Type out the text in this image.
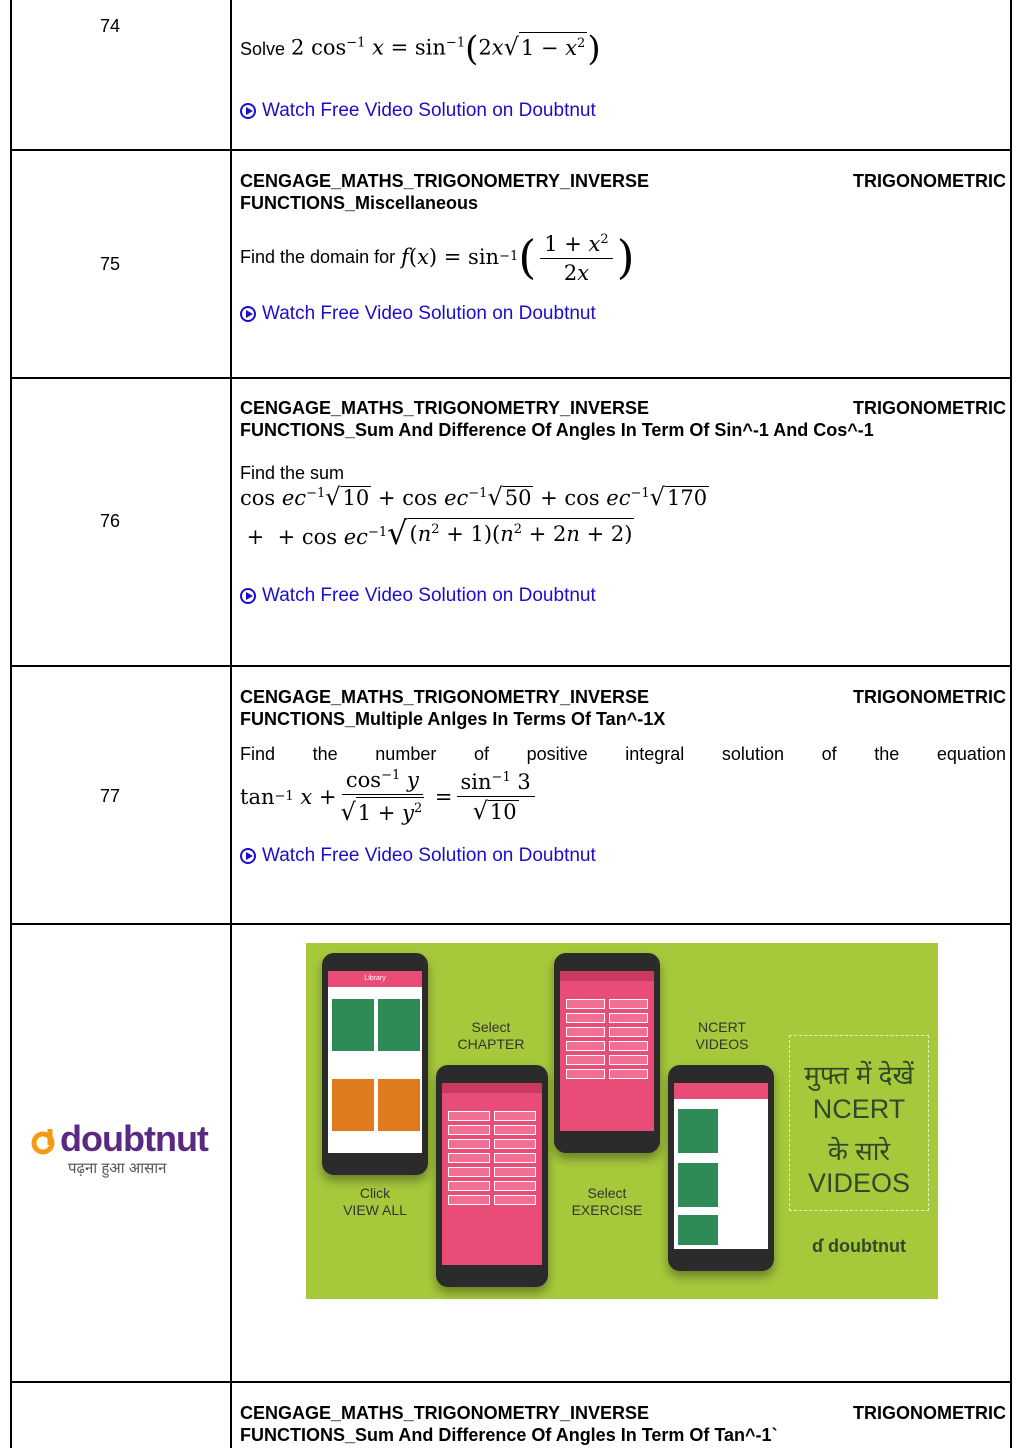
74
Solve 2 $\cos^{-1} x = \sin^{-1}(2x$ √ $1 - x^2$ )
Watch Free Video Solution on Doubtnut
75
CENGAGE_MATHS_TRIGONOMETRY_INVERSE	TRIGONOMETRIC
FUNCTIONS_Miscellaneous
Find the domain for f ( x ) = sin −1 ( $\frac{1 + x^2}{2x}$ )
Watch Free Video Solution on Doubtnut
76
CENGAGE_MATHS_TRIGONOMETRY_INVERSE	TRIGONOMETRIC
FUNCTIONS_Sum And Difference Of Angles In Term Of Sin^-1 And Cos^-1
Find the sum
$\cos ec^{-1}$ √ $10 + \cos ec^{-1}$ √ $50 + \cos ec^{-1}$ √ 170
+  + $\cos ec^{-1}$ √ $(n^2 + 1)(n^2 + 2n + 2)$
Watch Free Video Solution on Doubtnut
77
CENGAGE_MATHS_TRIGONOMETRY_INVERSE	TRIGONOMETRIC
FUNCTIONS_Multiple Anlges In Terms Of Tan^-1X
Find the number of positive integral solution of the equation
tan −1
$x + \frac{\cos^{-1} y}{√ 1 + y^2} = \frac{\sin^{-1} 3}{√ 10}$
Watch Free Video Solution on Doubtnut
doubtnut
पढ़ना हुआ आसान
Library
Select
CHAPTER
NCERT
VIDEOS
Click
VIEW ALL
Select
EXERCISE
मुफ्त में देखें
NCERT
के सारे
VIDEOS
ɗ doubtnut
CENGAGE_MATHS_TRIGONOMETRY_INVERSE	TRIGONOMETRIC
FUNCTIONS_Sum And Difference Of Angles In Term Of Tan^-1`
